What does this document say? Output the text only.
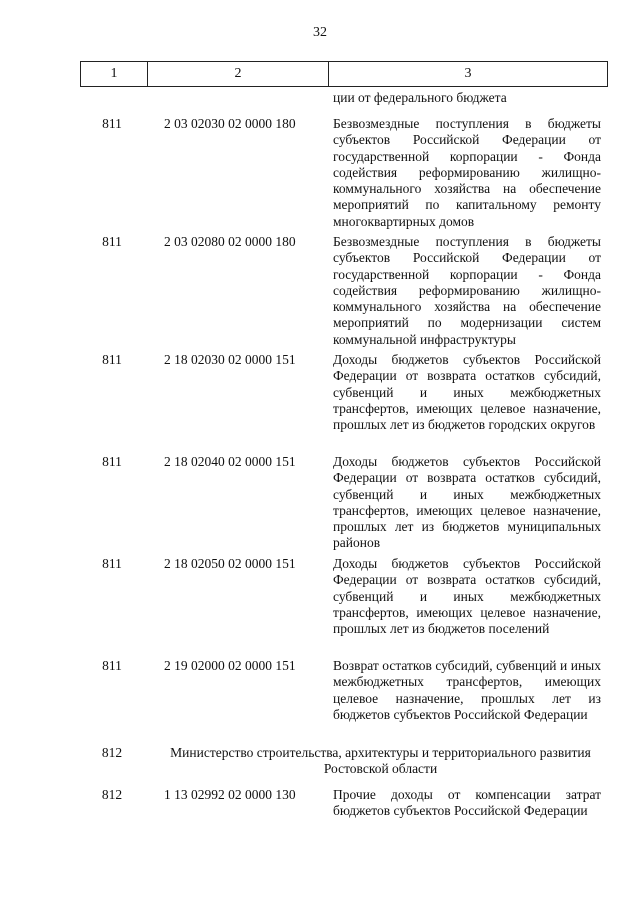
32
1	2	3
ции от федерального бюджета
811	2 03 02030 02 0000 180	Безвозмездные поступления в бюджеты субъектов Российской Федерации от государственной корпорации - Фонда содействия реформированию жилищно-коммунального хозяйства на обеспечение мероприятий по капитальному ремонту многоквартирных домов
811	2 03 02080 02 0000 180	Безвозмездные поступления в бюджеты субъектов Российской Федерации от государственной корпорации - Фонда содействия реформированию жилищно-коммунального хозяйства на обеспечение мероприятий по модернизации систем коммунальной инфраструктуры
811	2 18 02030 02 0000 151	Доходы бюджетов субъектов Российской Федерации от возврата остатков субсидий, субвенций и иных межбюджетных трансфертов, имеющих целевое назначение, прошлых лет из бюджетов городских округов
811	2 18 02040 02 0000 151	Доходы бюджетов субъектов Российской Федерации от возврата остатков субсидий, субвенций и иных межбюджетных трансфертов, имеющих целевое назначение, прошлых лет из бюджетов муниципальных районов
811	2 18 02050 02 0000 151	Доходы бюджетов субъектов Российской Федерации от возврата остатков субсидий, субвенций и иных межбюджетных трансфертов, имеющих целевое назначение, прошлых лет из бюджетов поселений
811	2 19 02000 02 0000 151	Возврат остатков субсидий, субвенций и иных межбюджетных трансфертов, имеющих целевое назначение, прошлых лет из бюджетов субъектов Российской Федерации
812	Министерство строительства, архитектуры и территориального развития Ростовской области
812	1 13 02992 02 0000 130	Прочие доходы от компенсации затрат бюджетов субъектов Российской Федерации
